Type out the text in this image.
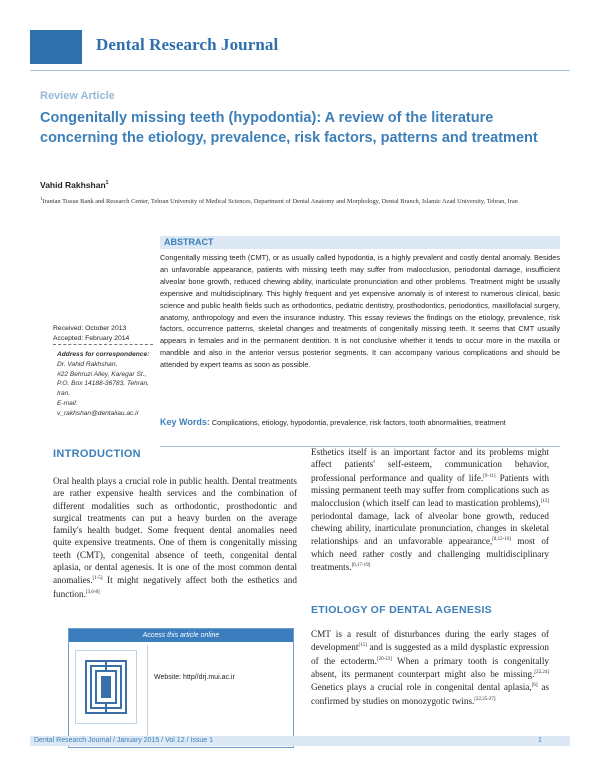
Dental Research Journal
Review Article
Congenitally missing teeth (hypodontia): A review of the literature concerning the etiology, prevalence, risk factors, patterns and treatment
Vahid Rakhshan$^1$
$^1$Iranian Tissue Bank and Research Center, Tehran University of Medical Sciences, Department of Dental Anatomy and Morphology, Dental Branch, Islamic Azad University, Tehran, Iran
ABSTRACT
Congenitally missing teeth (CMT), or as usually called hypodontia, is a highly prevalent and costly dental anomaly. Besides an unfavorable appearance, patients with missing teeth may suffer from malocclusion, periodontal damage, insufficient alveolar bone growth, reduced chewing ability, inarticulate pronunciation and other problems. Treatment might be usually expensive and multidisciplinary. This highly frequent and yet expensive anomaly is of interest to numerous clinical, basic science and public health fields such as orthodontics, pediatric dentistry, prosthodontics, periodontics, maxillofacial surgery, anatomy, anthropology and even the insurance industry. This essay reviews the findings on the etiology, prevalence, risk factors, occurrence patterns, skeletal changes and treatments of congenitally missing teeth. It seems that CMT usually appears in females and in the permanent dentition. It is not conclusive whether it tends to occur more in the maxilla or mandible and also in the anterior versus posterior segments. It can accompany various complications and should be attended by expert teams as soon as possible.
Key Words: Complications, etiology, hypodontia, prevalence, risk factors, tooth abnormalities, treatment
Received: October 2013
Accepted: February 2014
Address for correspondence:
Dr. Vahid Rakhshan,
#22 Behruzi Alley, Karegar St., P.O. Box 14188-36783, Tehran, Iran.
E-mail: v_rakhshan@dentaliau.ac.ir
INTRODUCTION
Oral health plays a crucial role in public health. Dental treatments are rather expensive health services and the combination of different modalities such as orthodontic, prosthodontic and surgical treatments can put a heavy burden on the average family's health budget. Some frequent dental anomalies need quite expensive treatments. One of them is congenitally missing teeth (CMT), congenital absence of teeth, congenital dental aplasia, or dental agenesis. It is one of the most common dental anomalies.[1-5] It might negatively affect both the esthetics and function.[3,6-8]
Esthetics itself is an important factor and its problems might affect patients' self-esteem, communication behavior, professional performance and quality of life.[9-11] Patients with missing permanent teeth may suffer from complications such as malocclusion (which itself can lead to mastication problems),[12] periodontal damage, lack of alveolar bone growth, reduced chewing ability, inarticulate pronunciation, changes in skeletal relationships and an unfavorable appearance,[8,12-16] most of which need rather costly and challenging multidisciplinary treatments.[6,17-19]
ETIOLOGY OF DENTAL AGENESIS
CMT is a result of disturbances during the early stages of development[15] and is suggested as a mild dysplastic expression of the ectoderm.[20-23] When a primary tooth is congenitally absent, its permanent counterpart might also be missing.[22,24] Genetics plays a crucial role in congenital dental aplasia,[6] as confirmed by studies on monozygotic twins.[22,25-27]
Access this article online
Website: http//drj.mui.ac.ir
Dental Research Journal / January 2015 / Vol 12 / Issue 1	1
